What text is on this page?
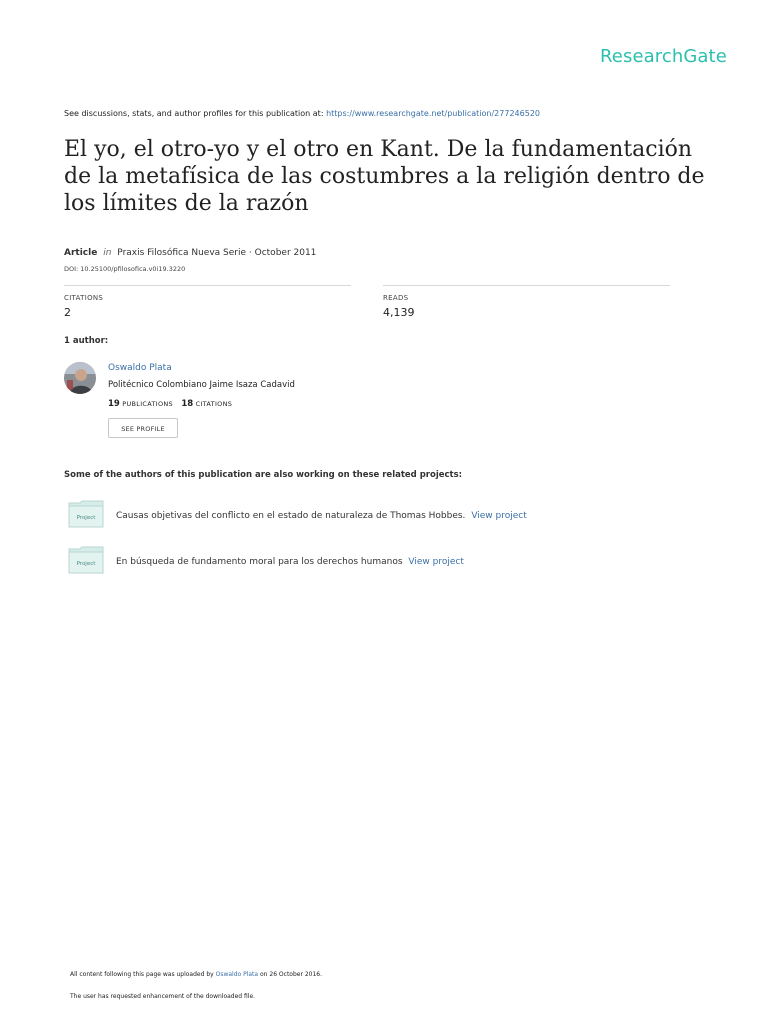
ResearchGate
See discussions, stats, and author profiles for this publication at: https://www.researchgate.net/publication/277246520
El yo, el otro-yo y el otro en Kant. De la fundamentación de la metafísica de las costumbres a la religión dentro de los límites de la razón
Article in Praxis Filosófica Nueva Serie · October 2011
DOI: 10.25100/pfilosofica.v0i19.3220
CITATIONS
2
READS
4,139
1 author:
Oswaldo Plata
Politécnico Colombiano Jaime Isaza Cadavid
19 PUBLICATIONS 18 CITATIONS
SEE PROFILE
Some of the authors of this publication are also working on these related projects:
Project Causas objetivas del conflicto en el estado de naturaleza de Thomas Hobbes. View project
Project En búsqueda de fundamento moral para los derechos humanos View project
All content following this page was uploaded by Oswaldo Plata on 26 October 2016.
The user has requested enhancement of the downloaded file.
